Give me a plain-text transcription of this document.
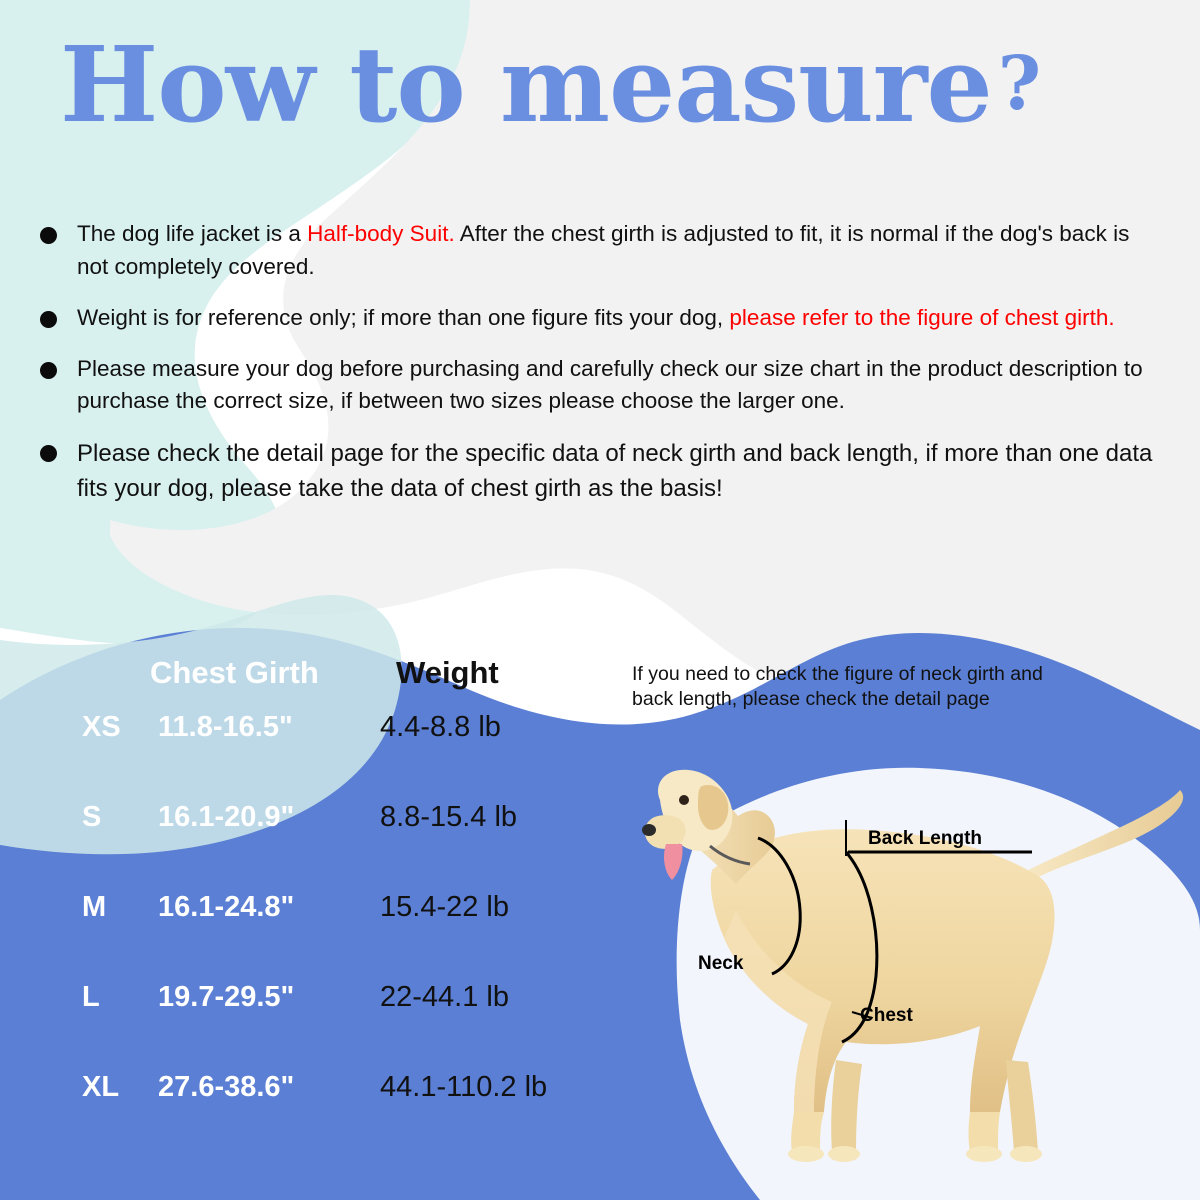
How to measure?
The dog life jacket is a Half-body Suit. After the chest girth is adjusted to fit, it is normal if the dog's back is not completely covered.
Weight is for reference only; if more than one figure fits your dog, please refer to the figure of chest girth.
Please measure your dog before purchasing and carefully check our size chart in the product description to purchase the correct size, if between two sizes please choose the larger one.
Please check the detail page for the specific data of neck girth and back length, if more than one data fits your dog, please take the data of chest girth as the basis!
Chest Girth Weight
XS	11.8-16.5"	4.4-8.8 lb
S	16.1-20.9"	8.8-15.4 lb
M	16.1-24.8"	15.4-22 lb
L	19.7-29.5"	22-44.1 lb
XL	27.6-38.6"	44.1-110.2 lb
If you need to check the figure of neck girth and back length, please check the detail page
Back Length
Neck
Chest
